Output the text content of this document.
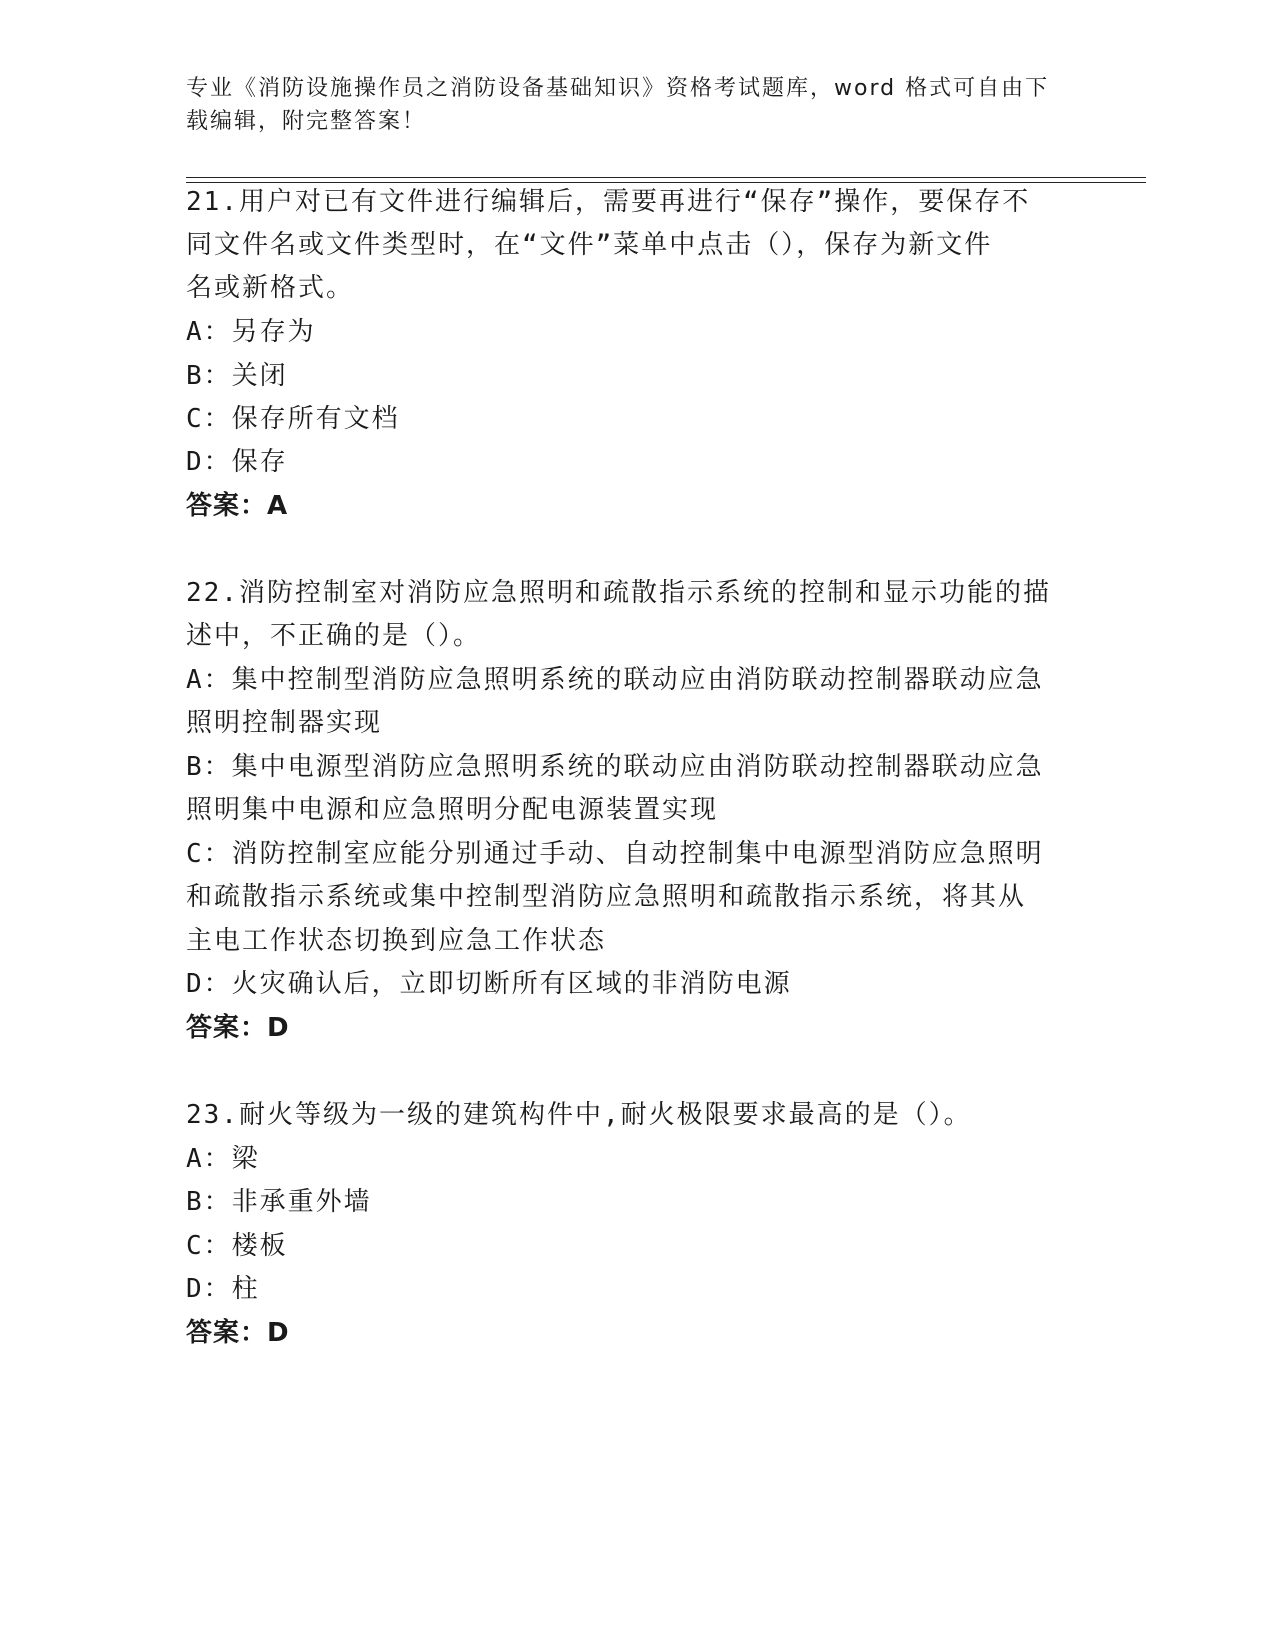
专业《消防设施操作员之消防设备基础知识》资格考试题库，word 格式可自由下
载编辑，附完整答案！
21.用户对已有文件进行编辑后，需要再进行“保存”操作，要保存不
同文件名或文件类型时，在“文件”菜单中点击（），保存为新文件
名或新格式。
A：另存为
B：关闭
C：保存所有文档
D：保存
答案：A
22.消防控制室对消防应急照明和疏散指示系统的控制和显示功能的描
述中，不正确的是（）。
A：集中控制型消防应急照明系统的联动应由消防联动控制器联动应急
照明控制器实现
B：集中电源型消防应急照明系统的联动应由消防联动控制器联动应急
照明集中电源和应急照明分配电源装置实现
C：消防控制室应能分别通过手动、自动控制集中电源型消防应急照明
和疏散指示系统或集中控制型消防应急照明和疏散指示系统，将其从
主电工作状态切换到应急工作状态
D：火灾确认后，立即切断所有区域的非消防电源
答案：D
23.耐火等级为一级的建筑构件中,耐火极限要求最高的是（）。
A：梁
B：非承重外墙
C：楼板
D：柱
答案：D
